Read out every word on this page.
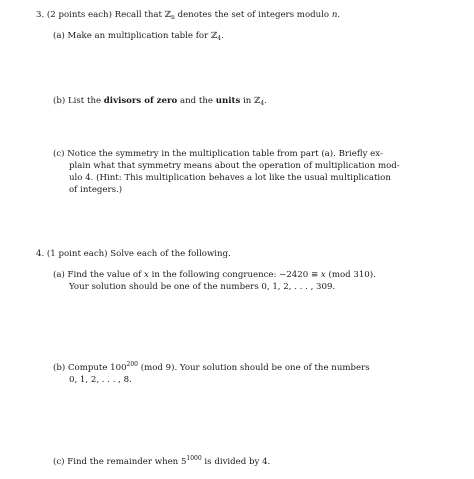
3. (2 points each) Recall that ℤ$_n$ denotes the set of integers modulo n.
(a) Make an multiplication table for ℤ$_4$.
(b) List the divisors of zero and the units in ℤ$_4$.
(c) Notice the symmetry in the multiplication table from part (a). Briefly ex-
plain what that symmetry means about the operation of multiplication mod-
ulo 4. (Hint: This multiplication behaves a lot like the usual multiplication
of integers.)
4. (1 point each) Solve each of the following.
(a) Find the value of x in the following congruence: −2420 ≡ x (mod 310).
Your solution should be one of the numbers 0, 1, 2, . . . , 309.
(b) Compute $100^{200}$ (mod 9). Your solution should be one of the numbers
0, 1, 2, . . . , 8.
(c) Find the remainder when $5^{1000}$ is divided by 4.
